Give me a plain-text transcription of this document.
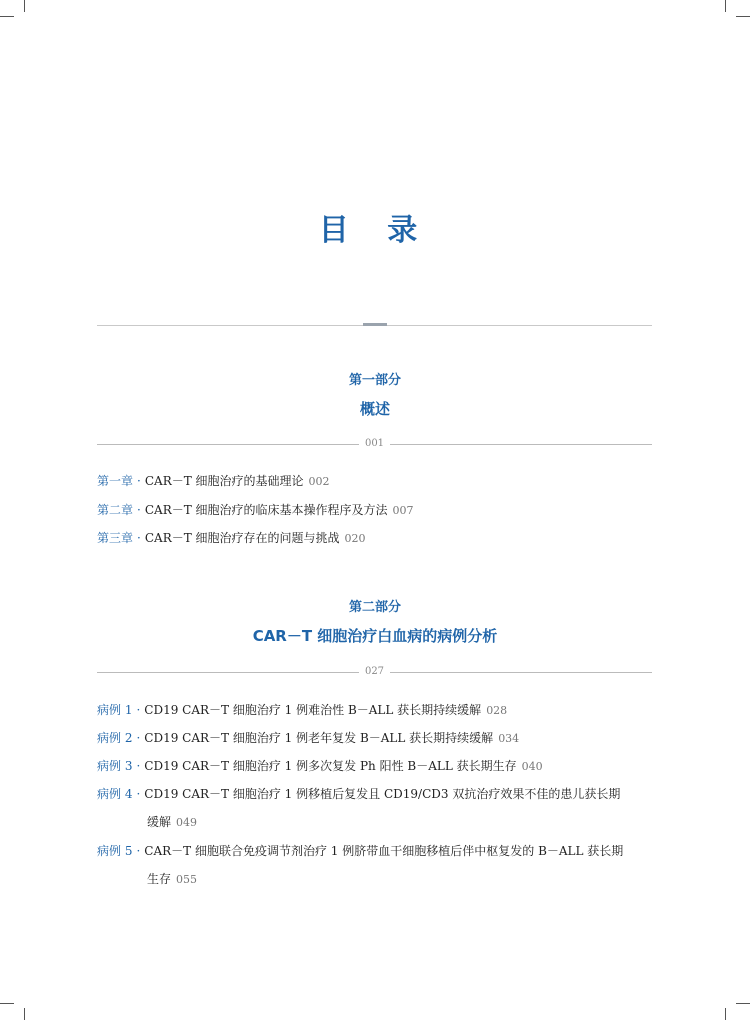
目 录
第一部分
概述
001
第一章 · CAR－T 细胞治疗的基础理论 002
第二章 · CAR－T 细胞治疗的临床基本操作程序及方法 007
第三章 · CAR－T 细胞治疗存在的问题与挑战 020
第二部分
CAR－T 细胞治疗白血病的病例分析
027
病例 1 · CD19 CAR－T 细胞治疗 1 例难治性 B－ALL 获长期持续缓解 028
病例 2 · CD19 CAR－T 细胞治疗 1 例老年复发 B－ALL 获长期持续缓解 034
病例 3 · CD19 CAR－T 细胞治疗 1 例多次复发 Ph 阳性 B－ALL 获长期生存 040
病例 4 · CD19 CAR－T 细胞治疗 1 例移植后复发且 CD19/CD3 双抗治疗效果不佳的患儿获长期
缓解 049
病例 5 · CAR－T 细胞联合免疫调节剂治疗 1 例脐带血干细胞移植后伴中枢复发的 B－ALL 获长期
生存 055
